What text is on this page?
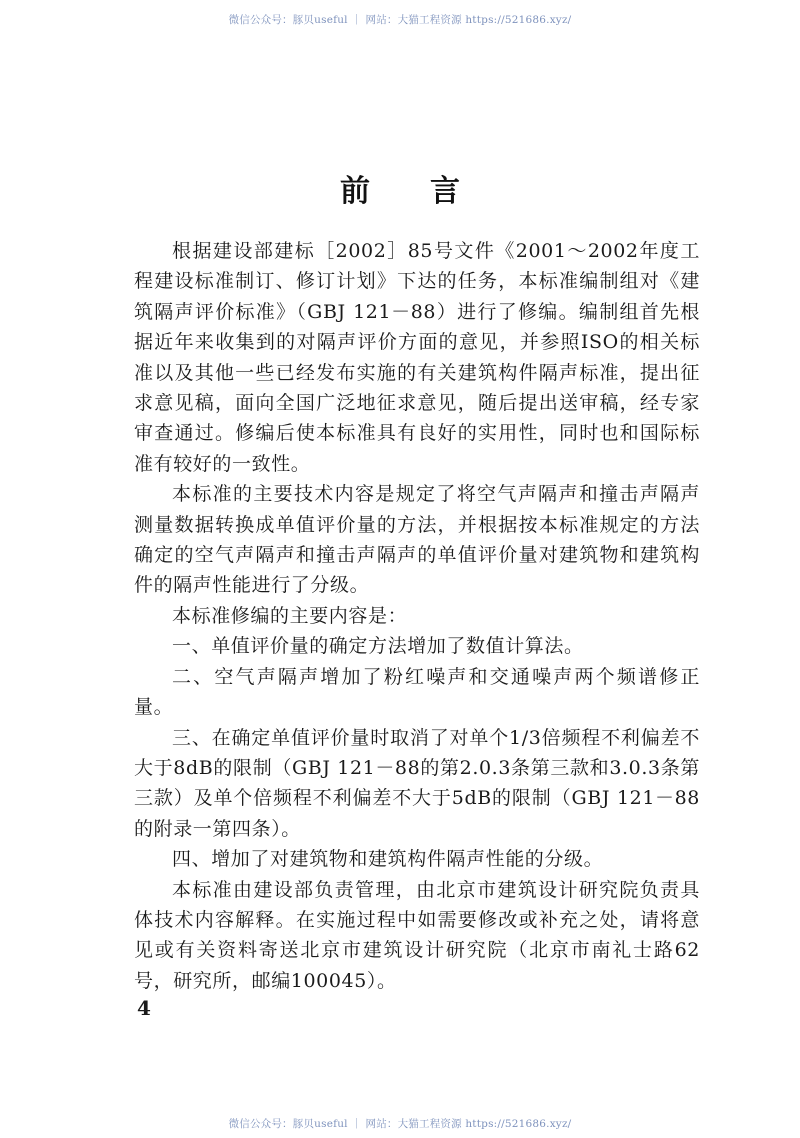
微信公众号：豚贝useful ｜ 网站：大猫工程资源 https://521686.xyz/
前言

根据建设部建标［2002］85号文件《2001～2002年度工程建设标准制订、修订计划》下达的任务，本标准编制组对《建筑隔声评价标准》（GBJ 121－88）进行了修编。编制组首先根据近年来收集到的对隔声评价方面的意见，并参照ISO的相关标准以及其他一些已经发布实施的有关建筑构件隔声标准，提出征求意见稿，面向全国广泛地征求意见，随后提出送审稿，经专家审查通过。修编后使本标准具有良好的实用性，同时也和国际标准有较好的一致性。

本标准的主要技术内容是规定了将空气声隔声和撞击声隔声测量数据转换成单值评价量的方法，并根据按本标准规定的方法确定的空气声隔声和撞击声隔声的单值评价量对建筑物和建筑构件的隔声性能进行了分级。

本标准修编的主要内容是：

一、单值评价量的确定方法增加了数值计算法。

二、空气声隔声增加了粉红噪声和交通噪声两个频谱修正量。

三、在确定单值评价量时取消了对单个1/3倍频程不利偏差不大于8dB的限制（GBJ 121－88的第2.0.3条第三款和3.0.3条第三款）及单个倍频程不利偏差不大于5dB的限制（GBJ 121－88的附录一第四条）。

四、增加了对建筑物和建筑构件隔声性能的分级。

本标准由建设部负责管理，由北京市建筑设计研究院负责具体技术内容解释。在实施过程中如需要修改或补充之处，请将意见或有关资料寄送北京市建筑设计研究院（北京市南礼士路62号，研究所，邮编100045）。

4
微信公众号：豚贝useful ｜ 网站：大猫工程资源 https://521686.xyz/
